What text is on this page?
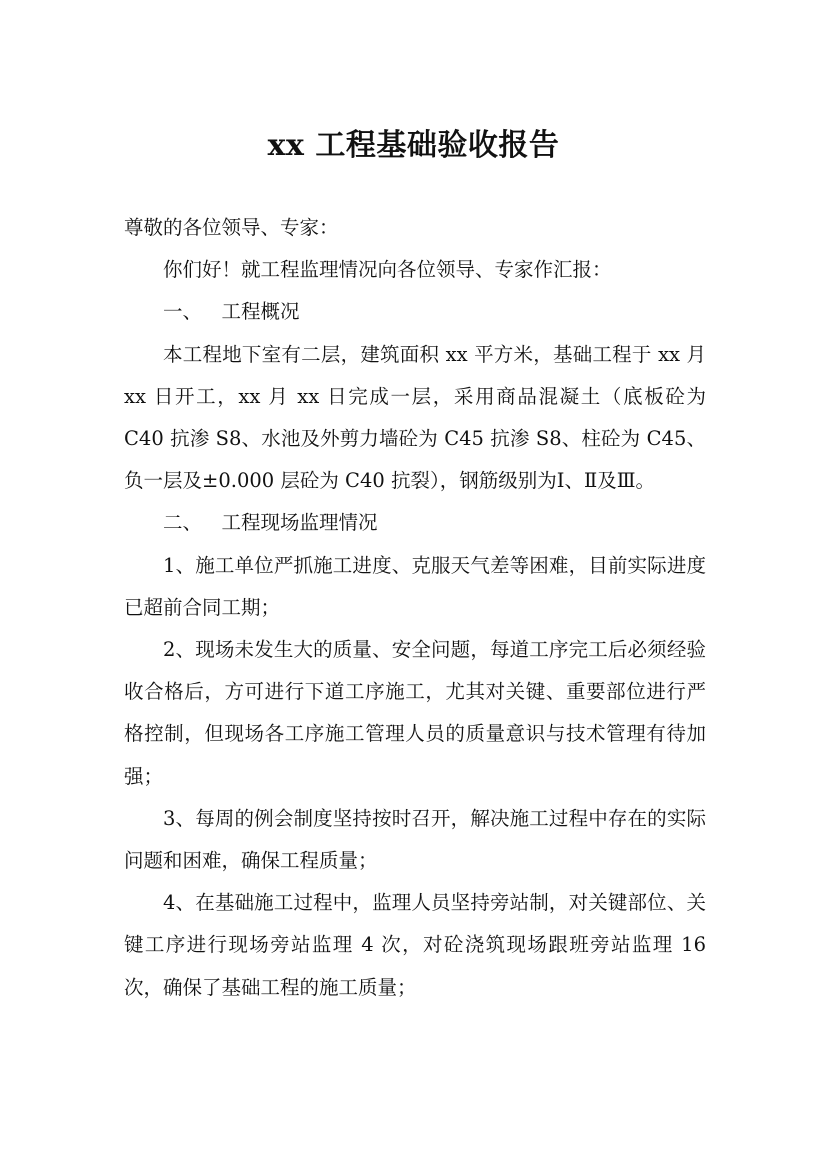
xx 工程基础验收报告

尊敬的各位领导、专家：

你们好！就工程监理情况向各位领导、专家作汇报：

一、 工程概况

本工程地下室有二层，建筑面积 xx 平方米，基础工程于 xx 月 xx 日开工，xx 月 xx 日完成一层，采用商品混凝土（底板砼为 C40 抗渗 S8、水池及外剪力墙砼为 C45 抗渗 S8、柱砼为 C45、负一层及±0.000 层砼为 C40 抗裂），钢筋级别为Ⅰ、Ⅱ及Ⅲ。

二、 工程现场监理情况

1、施工单位严抓施工进度、克服天气差等困难，目前实际进度已超前合同工期；

2、现场未发生大的质量、安全问题，每道工序完工后必须经验收合格后，方可进行下道工序施工，尤其对关键、重要部位进行严格控制，但现场各工序施工管理人员的质量意识与技术管理有待加强；

3、每周的例会制度坚持按时召开，解决施工过程中存在的实际问题和困难，确保工程质量；

4、在基础施工过程中，监理人员坚持旁站制，对关键部位、关键工序进行现场旁站监理 4 次，对砼浇筑现场跟班旁站监理 16 次，确保了基础工程的施工质量；
